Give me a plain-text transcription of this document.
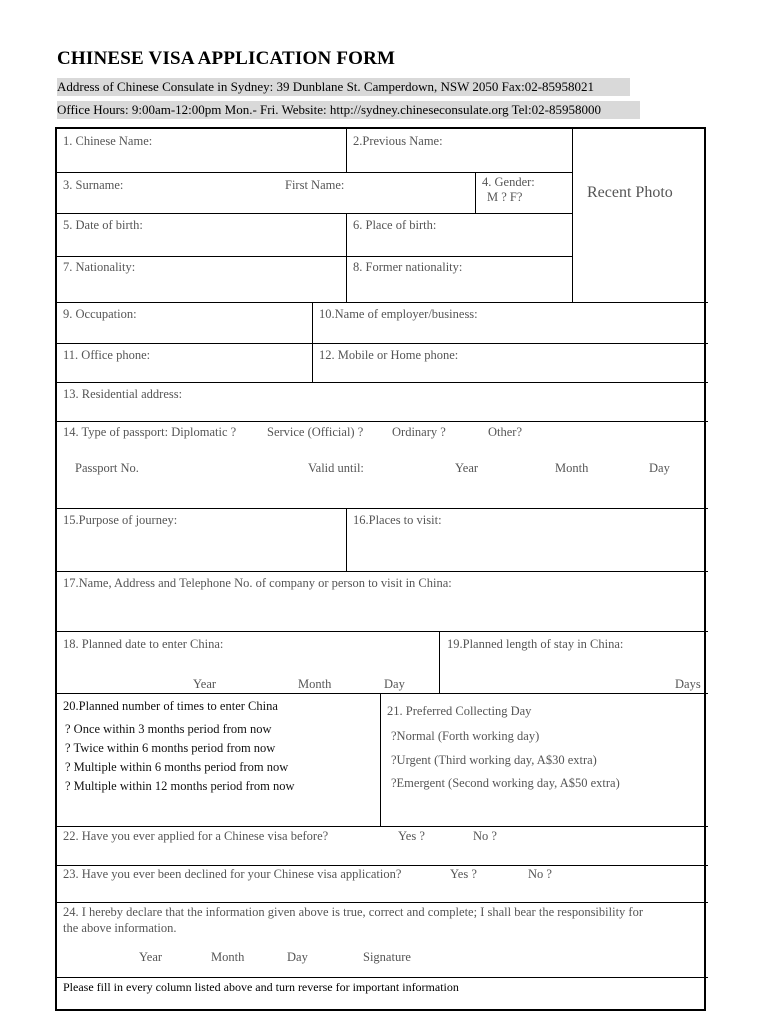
CHINESE VISA APPLICATION FORM
Address of Chinese Consulate in Sydney: 39 Dunblane St. Camperdown, NSW 2050 Fax:02-85958021
Office Hours: 9:00am-12:00pm Mon.- Fri. Website: http://sydney.chineseconsulate.org Tel:02-85958000
1. Chinese Name:	2.Previous Name:
Recent Photo
3. Surname:	First Name:	4. Gender:
M ? F?
5. Date of birth:	6. Place of birth:
7. Nationality:	8. Former nationality:
9. Occupation:	10.Name of employer/business:
11. Office phone:	12. Mobile or Home phone:
13. Residential address:
14. Type of passport: Diplomatic ? Service (Official) ? Ordinary ?	Other?
Passport No.	Valid until:	Year	Month	Day
15.Purpose of journey:	16.Places to visit:
17.Name, Address and Telephone No. of company or person to visit in China:
18. Planned date to enter China:	19.Planned length of stay in China:
Year	Month	Day	Days
20.Planned number of times to enter China
? Once within 3 months period from now
? Twice within 6 months period from now
? Multiple within 6 months period from now
? Multiple within 12 months period from now
21. Preferred Collecting Day
?Normal (Forth working day)
?Urgent (Third working day, A$30 extra)
?Emergent (Second working day, A$50 extra)
22. Have you ever applied for a Chinese visa before?	Yes ?	No ?
23. Have you ever been declined for your Chinese visa application?	Yes ?	No ?
24. I hereby declare that the information given above is true, correct and complete; I shall bear the responsibility for
the above information.
Year	Month	Day	Signature
Please fill in every column listed above and turn reverse for important information
